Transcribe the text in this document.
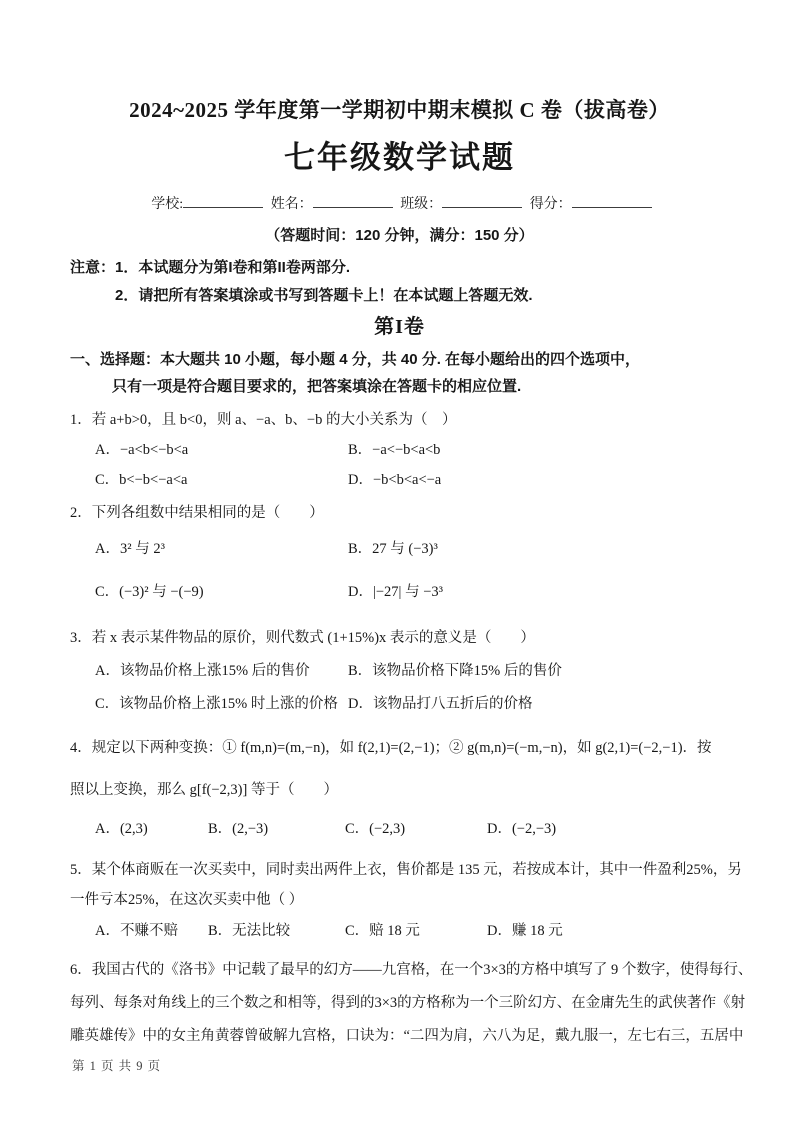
2024~2025 学年度第一学期初中期末模拟 C 卷（拔高卷）
七年级数学试题
学校:	姓名：	班级：	得分：
（答题时间：120 分钟，满分：150 分）
注意：1．本试题分为第I卷和第II卷两部分.
2．请把所有答案填涂或书写到答题卡上！在本试题上答题无效.
第I卷
一、选择题：本大题共 10 小题，每小题 4 分，共 40 分. 在每小题给出的四个选项中，
只有一项是符合题目要求的，把答案填涂在答题卡的相应位置.
1．若 a+b>0，且 b<0，则 a、−a、b、−b 的大小关系为（　）
A．−a<b<−b<a	B．−a<−b<a<b
C．b<−b<−a<a	D．−b<b<a<−a
2．下列各组数中结果相同的是（　　）
A．3² 与 2³	B．27 与 (−3)³
C．(−3)² 与 −(−9)	D．|−27| 与 −3³
3．若 x 表示某件物品的原价，则代数式 (1+15%)x 表示的意义是（　　）
A．该物品价格上涨15% 后的售价	B．该物品价格下降15% 后的售价
C．该物品价格上涨15% 时上涨的价格 D．该物品打八五折后的价格
4．规定以下两种变换：① f(m,n)=(m,−n)，如 f(2,1)=(2,−1)；② g(m,n)=(−m,−n)，如 g(2,1)=(−2,−1)．按
照以上变换，那么 g[f(−2,3)] 等于（　　）
A．(2,3)	B．(2,−3)	C．(−2,3)	D．(−2,−3)
5．某个体商贩在一次买卖中，同时卖出两件上衣，售价都是 135 元，若按成本计，其中一件盈利25%，另
一件亏本25%，在这次买卖中他（ ）
A．不赚不赔	B．无法比较	C．赔 18 元	D．赚 18 元
6．我国古代的《洛书》中记载了最早的幻方——九宫格，在一个3×3的方格中填写了 9 个数字，使得每行、
每列、每条对角线上的三个数之和相等，得到的3×3的方格称为一个三阶幻方、在金庸先生的武侠著作《射
雕英雄传》中的女主角黄蓉曾破解九宫格，口诀为：“二四为肩，六八为足，戴九服一，左七右三，五居中
第 1 页 共 9 页
